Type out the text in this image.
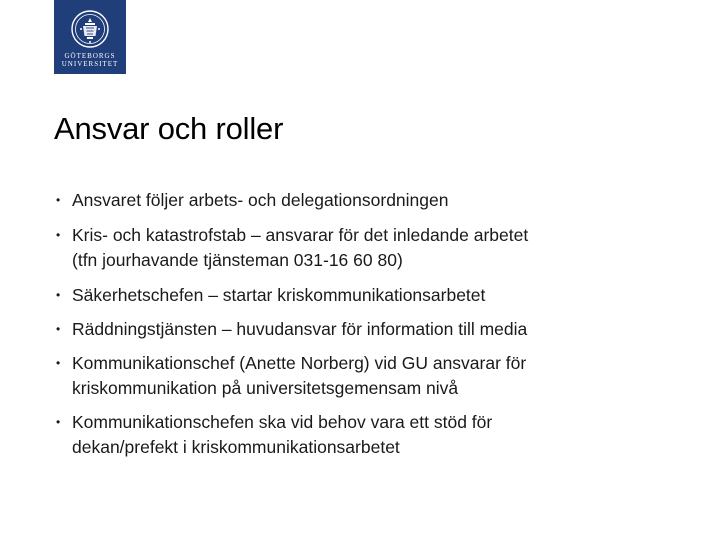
GÖTEBORGS
UNIVERSITET
Ansvar och roller
• Ansvaret följer arbets- och delegationsordningen
• Kris- och katastrofstab – ansvarar för det inledande arbetet
(tfn jourhavande tjänsteman 031-16 60 80)
• Säkerhetschefen – startar kriskommunikationsarbetet
• Räddningstjänsten – huvudansvar för information till media
• Kommunikationschef (Anette Norberg) vid GU ansvarar för
kriskommunikation på universitetsgemensam nivå
• Kommunikationschefen ska vid behov vara ett stöd för
dekan/prefekt i kriskommunikationsarbetet
